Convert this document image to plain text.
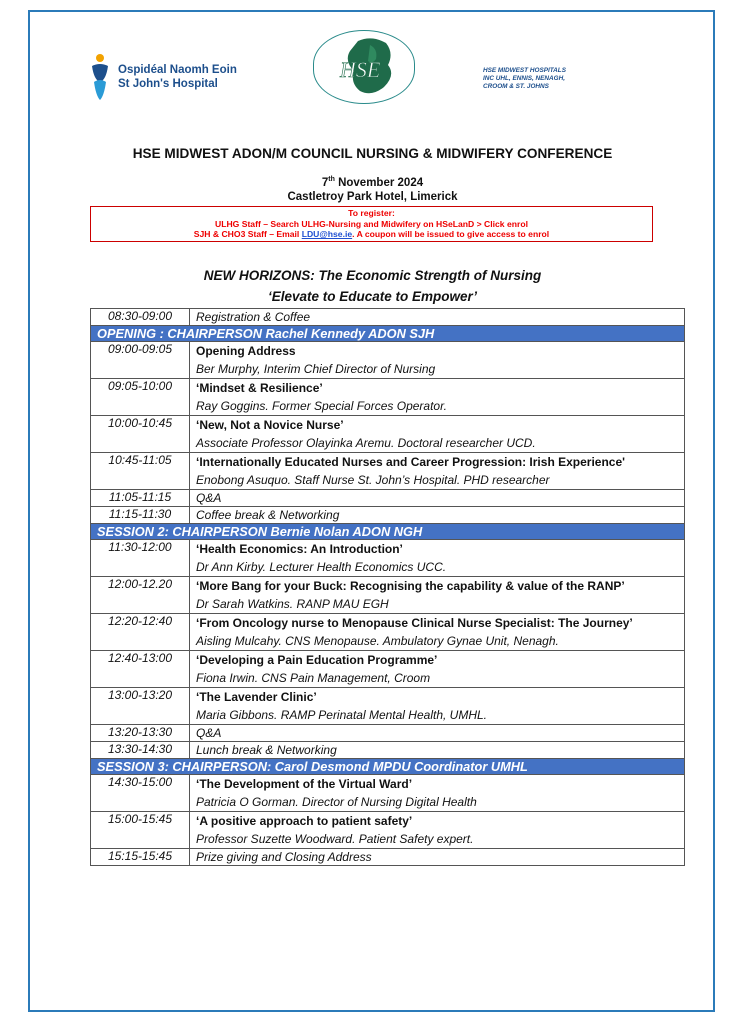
Ospidéal Naomh Eoin
St John's Hospital
HSE	HSE MIDWEST HOSPITALS
INC UHL, ENNIS, NENAGH,
CROOM & ST. JOHNS
HSE MIDWEST ADON/M COUNCIL NURSING & MIDWIFERY CONFERENCE
7th November 2024
Castletroy Park Hotel, Limerick
To register:
ULHG Staff – Search ULHG-Nursing and Midwifery on HSeLanD > Click enrol
SJH & CHO3 Staff – Email LDU@hse.ie. A coupon will be issued to give access to enrol
NEW HORIZONS: The Economic Strength of Nursing
‘Elevate to Educate to Empower’
08:30-09:00	Registration & Coffee
OPENING : CHAIRPERSON Rachel Kennedy ADON SJH	
09:00-09:05	Opening Address
Ber Murphy, Interim Chief Director of Nursing

09:05-10:00	‘Mindset & Resilience’
Ray Goggins. Former Special Forces Operator.

10:00-10:45	‘New, Not a Novice Nurse’
Associate Professor Olayinka Aremu. Doctoral researcher UCD.

10:45-11:05	‘Internationally Educated Nurses and Career Progression: Irish Experience'
Enobong Asuquo. Staff Nurse St. John’s Hospital. PHD researcher

11:05-11:15	Q&A
11:15-11:30	Coffee break & Networking
SESSION 2: CHAIRPERSON Bernie Nolan ADON NGH	
11:30-12:00	‘Health Economics: An Introduction’
Dr Ann Kirby. Lecturer Health Economics UCC.

12:00-12.20	‘More Bang for your Buck: Recognising the capability & value of the RANP’
Dr Sarah Watkins. RANP MAU EGH

12:20-12:40	‘From Oncology nurse to Menopause Clinical Nurse Specialist: The Journey’
Aisling Mulcahy. CNS Menopause. Ambulatory Gynae Unit, Nenagh.

12:40-13:00	‘Developing a Pain Education Programme’
Fiona Irwin. CNS Pain Management, Croom

13:00-13:20	‘The Lavender Clinic’
Maria Gibbons. RAMP Perinatal Mental Health, UMHL.

13:20-13:30	Q&A
13:30-14:30	Lunch break & Networking
SESSION 3: CHAIRPERSON: Carol Desmond MPDU Coordinator UMHL	
14:30-15:00	‘The Development of the Virtual Ward’
Patricia O Gorman. Director of Nursing Digital Health

15:00-15:45	‘A positive approach to patient safety’
Professor Suzette Woodward. Patient Safety expert.

15:15-15:45	Prize giving and Closing Address
